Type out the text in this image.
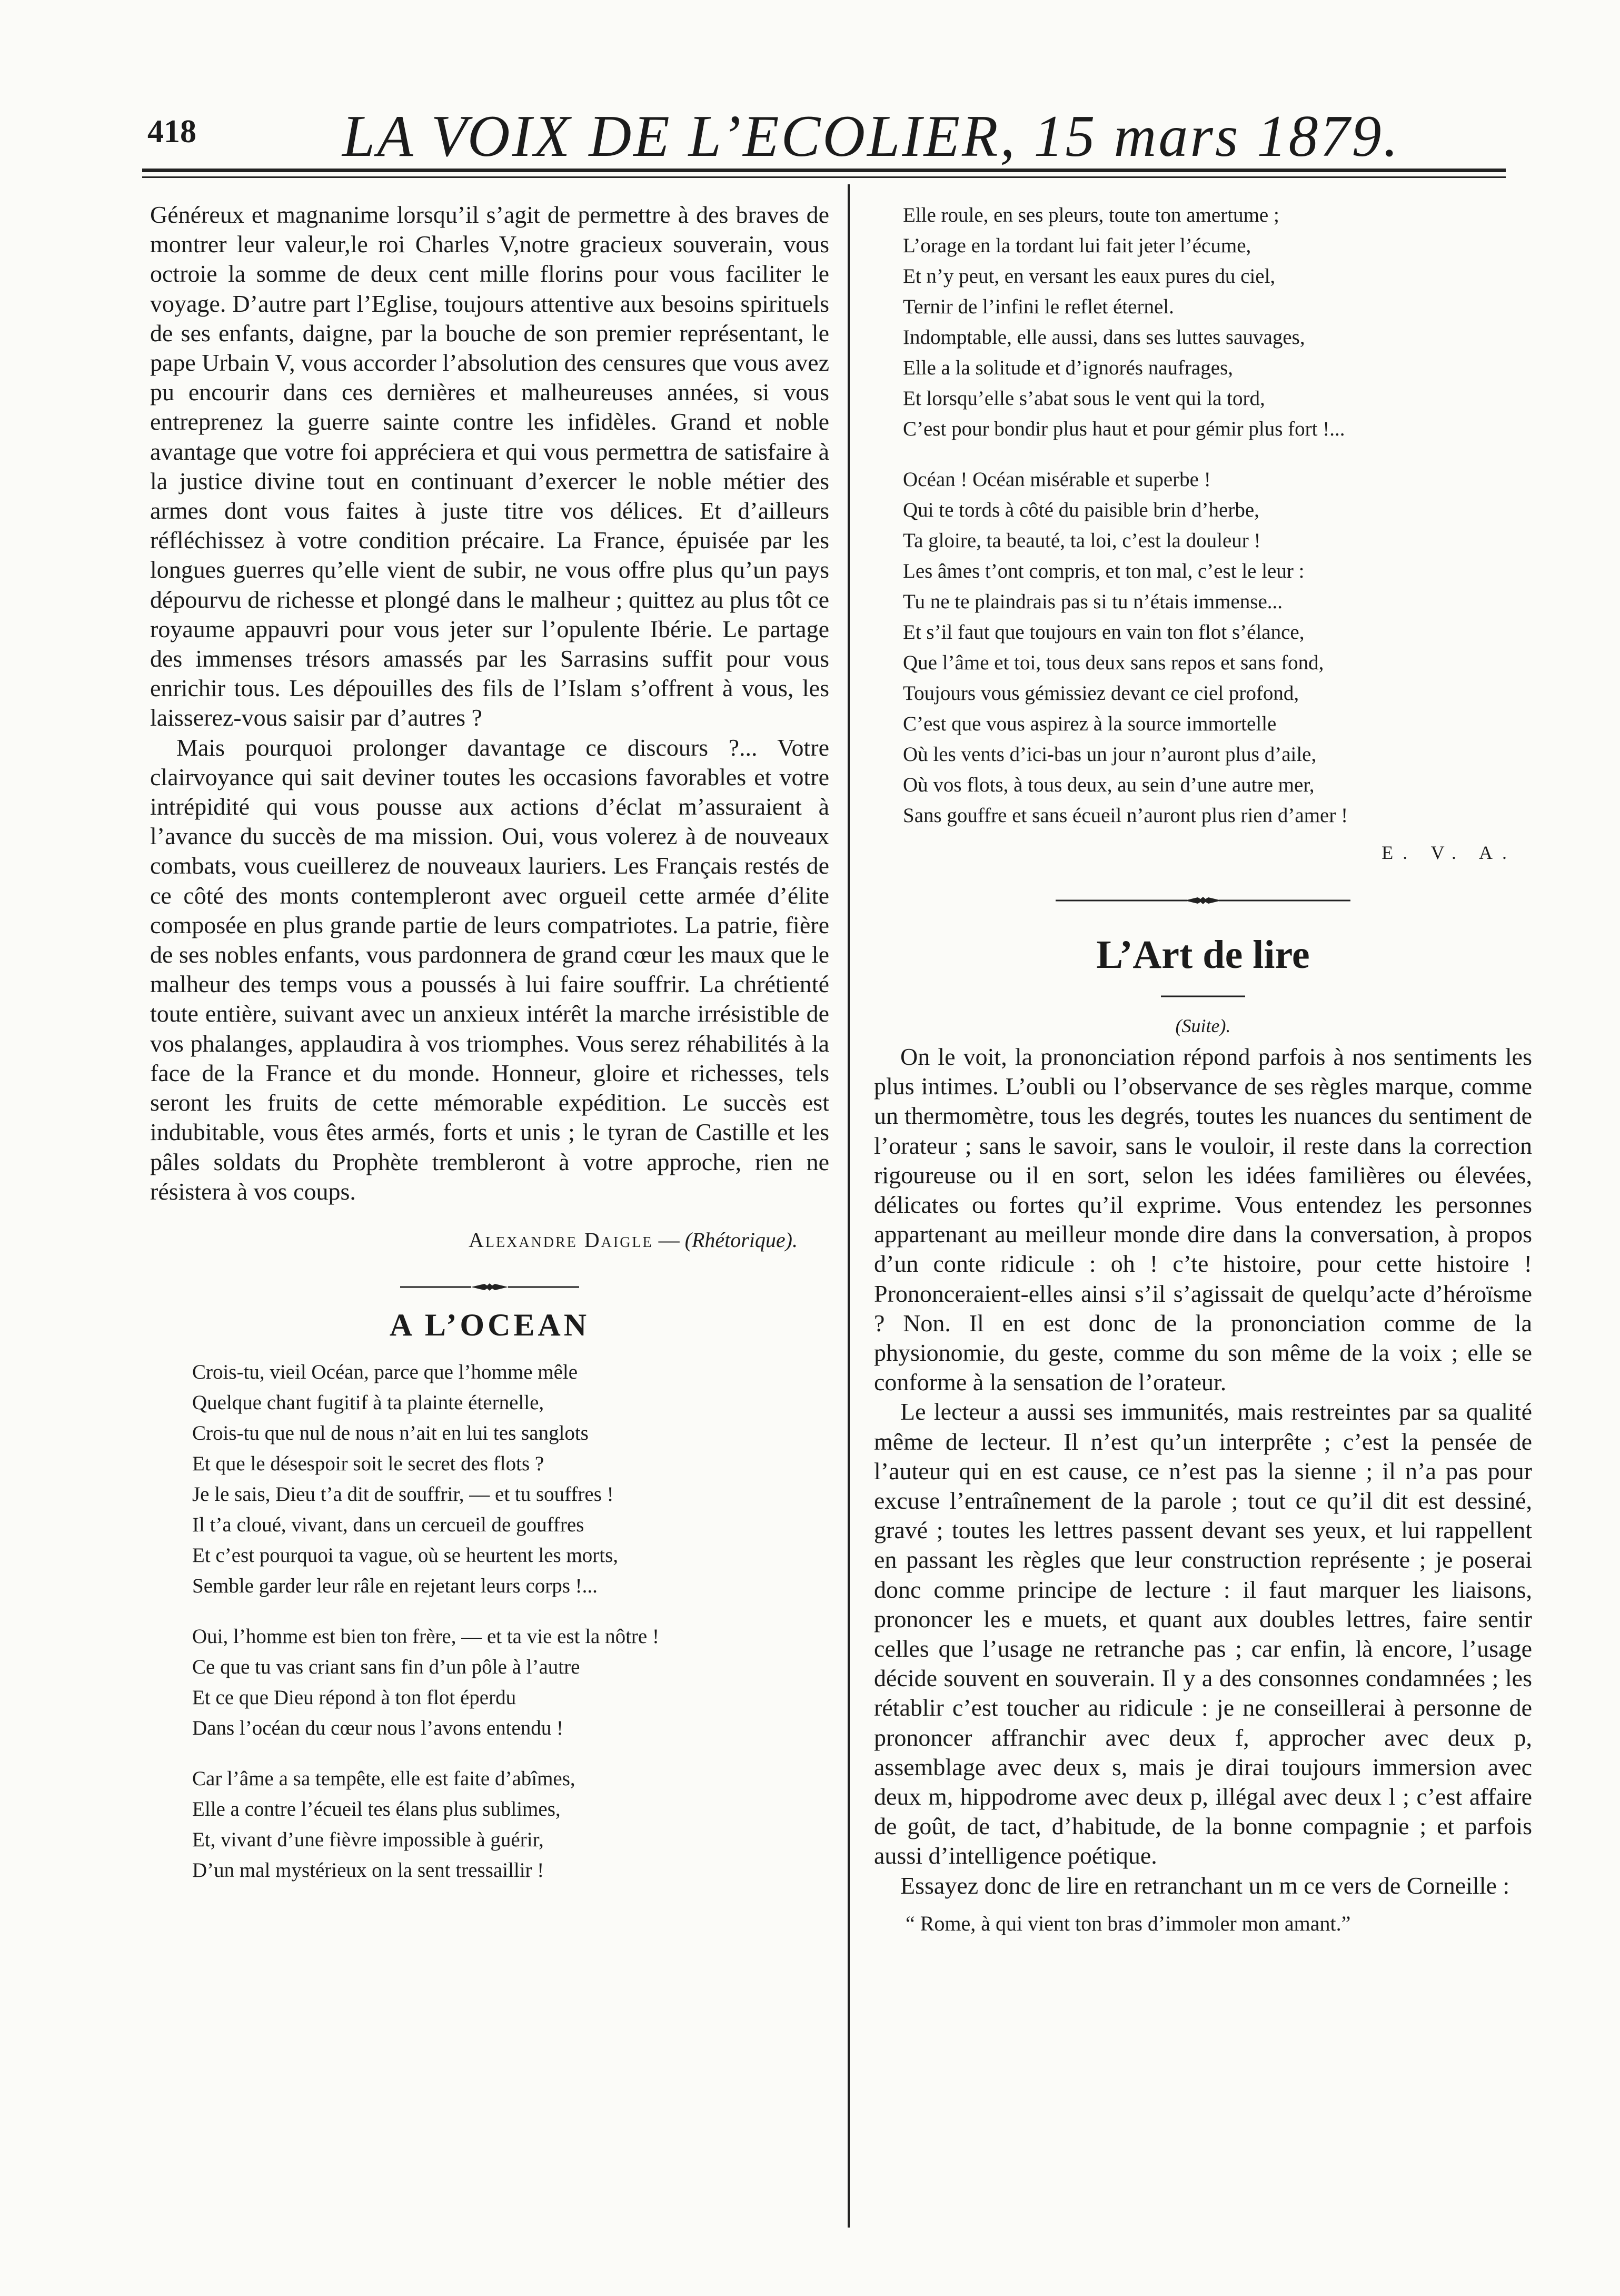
418 LA VOIX DE L’ECOLIER, 15 mars 1879.

Généreux et magnanime lorsqu’il s’agit de permettre à des braves de montrer leur valeur,le roi Charles V,notre gracieux souverain, vous octroie la somme de deux cent mille florins pour vous faciliter le voyage. D’autre part l’Eglise, toujours attentive aux besoins spirituels de ses enfants, daigne, par la bouche de son premier représentant, le pape Urbain V, vous accorder l’absolution des censures que vous avez pu encourir dans ces dernières et malheureuses années, si vous entreprenez la guerre sainte contre les infidèles. Grand et noble avantage que votre foi appréciera et qui vous permettra de satisfaire à la justice divine tout en continuant d’exercer le noble métier des armes dont vous faites à juste titre vos délices. Et d’ailleurs réfléchissez à votre condition précaire. La France, épuisée par les longues guerres qu’elle vient de subir, ne vous offre plus qu’un pays dépourvu de richesse et plongé dans le malheur ; quittez au plus tôt ce royaume appauvri pour vous jeter sur l’opulente Ibérie. Le partage des immenses trésors amassés par les Sarrasins suffit pour vous enrichir tous. Les dépouilles des fils de l’Islam s’offrent à vous, les laisserez-vous saisir par d’autres ?

Mais pourquoi prolonger davantage ce discours ?... Votre clairvoyance qui sait deviner toutes les occasions favorables et votre intrépidité qui vous pousse aux actions d’éclat m’assuraient à l’avance du succès de ma mission. Oui, vous volerez à de nouveaux combats, vous cueillerez de nouveaux lauriers. Les Français restés de ce côté des monts contempleront avec orgueil cette armée d’élite composée en plus grande partie de leurs compatriotes. La patrie, fière de ses nobles enfants, vous pardonnera de grand cœur les maux que le malheur des temps vous a poussés à lui faire souffrir. La chrétienté toute entière, suivant avec un anxieux intérêt la marche irrésistible de vos phalanges, applaudira à vos triomphes. Vous serez réhabilités à la face de la France et du monde. Honneur, gloire et richesses, tels seront les fruits de cette mémorable expédition. Le succès est indubitable, vous êtes armés, forts et unis ; le tyran de Castille et les pâles soldats du Prophète trembleront à votre approche, rien ne résistera à vos coups.

Alexandre Daigle — (Rhétorique).
A L’OCEAN
Crois-tu, vieil Océan, parce que l’homme mêle
Quelque chant fugitif à ta plainte éternelle,
Crois-tu que nul de nous n’ait en lui tes sanglots
Et que le désespoir soit le secret des flots ?
Je le sais, Dieu t’a dit de souffrir, — et tu souffres !
Il t’a cloué, vivant, dans un cercueil de gouffres
Et c’est pourquoi ta vague, où se heurtent les morts,
Semble garder leur râle en rejetant leurs corps !...
Oui, l’homme est bien ton frère, — et ta vie est la nôtre !
Ce que tu vas criant sans fin d’un pôle à l’autre
Et ce que Dieu répond à ton flot éperdu
Dans l’océan du cœur nous l’avons entendu !
Car l’âme a sa tempête, elle est faite d’abîmes,
Elle a contre l’écueil tes élans plus sublimes,
Et, vivant d’une fièvre impossible à guérir,
D’un mal mystérieux on la sent tressaillir !
Elle roule, en ses pleurs, toute ton amertume ;
L’orage en la tordant lui fait jeter l’écume,
Et n’y peut, en versant les eaux pures du ciel,
Ternir de l’infini le reflet éternel.
Indomptable, elle aussi, dans ses luttes sauvages,
Elle a la solitude et d’ignorés naufrages,
Et lorsqu’elle s’abat sous le vent qui la tord,
C’est pour bondir plus haut et pour gémir plus fort !...
Océan ! Océan misérable et superbe !
Qui te tords à côté du paisible brin d’herbe,
Ta gloire, ta beauté, ta loi, c’est la douleur !
Les âmes t’ont compris, et ton mal, c’est le leur :
Tu ne te plaindrais pas si tu n’étais immense...
Et s’il faut que toujours en vain ton flot s’élance,
Que l’âme et toi, tous deux sans repos et sans fond,
Toujours vous gémissiez devant ce ciel profond,
C’est que vous aspirez à la source immortelle
Où les vents d’ici-bas un jour n’auront plus d’aile,
Où vos flots, à tous deux, au sein d’une autre mer,
Sans gouffre et sans écueil n’auront plus rien d’amer !
E. V. A.
L’Art de lire
(Suite).

On le voit, la prononciation répond parfois à nos sentiments les plus intimes. L’oubli ou l’observance de ses règles marque, comme un thermomètre, tous les degrés, toutes les nuances du sentiment de l’orateur ; sans le savoir, sans le vouloir, il reste dans la correction rigoureuse ou il en sort, selon les idées familières ou élevées, délicates ou fortes qu’il exprime. Vous entendez les personnes appartenant au meilleur monde dire dans la conversation, à propos d’un conte ridicule : oh ! c’te histoire, pour cette histoire ! Prononceraient-elles ainsi s’il s’agissait de quelqu’acte d’héroïsme ? Non. Il en est donc de la prononciation comme de la physionomie, du geste, comme du son même de la voix ; elle se conforme à la sensation de l’orateur.

Le lecteur a aussi ses immunités, mais restreintes par sa qualité même de lecteur. Il n’est qu’un interprête ; c’est la pensée de l’auteur qui en est cause, ce n’est pas la sienne ; il n’a pas pour excuse l’entraînement de la parole ; tout ce qu’il dit est dessiné, gravé ; toutes les lettres passent devant ses yeux, et lui rappellent en passant les règles que leur construction représente ; je poserai donc comme principe de lecture : il faut marquer les liaisons, prononcer les e muets, et quant aux doubles lettres, faire sentir celles que l’usage ne retranche pas ; car enfin, là encore, l’usage décide souvent en souverain. Il y a des consonnes condamnées ; les rétablir c’est toucher au ridicule : je ne conseillerai à personne de prononcer affranchir avec deux f, approcher avec deux p, assemblage avec deux s, mais je dirai toujours immersion avec deux m, hippodrome avec deux p, illégal avec deux l ; c’est affaire de goût, de tact, d’habitude, de la bonne compagnie ; et parfois aussi d’intelligence poétique.

Essayez donc de lire en retranchant un m ce vers de Corneille :

“ Rome, à qui vient ton bras d’immoler mon amant.”
